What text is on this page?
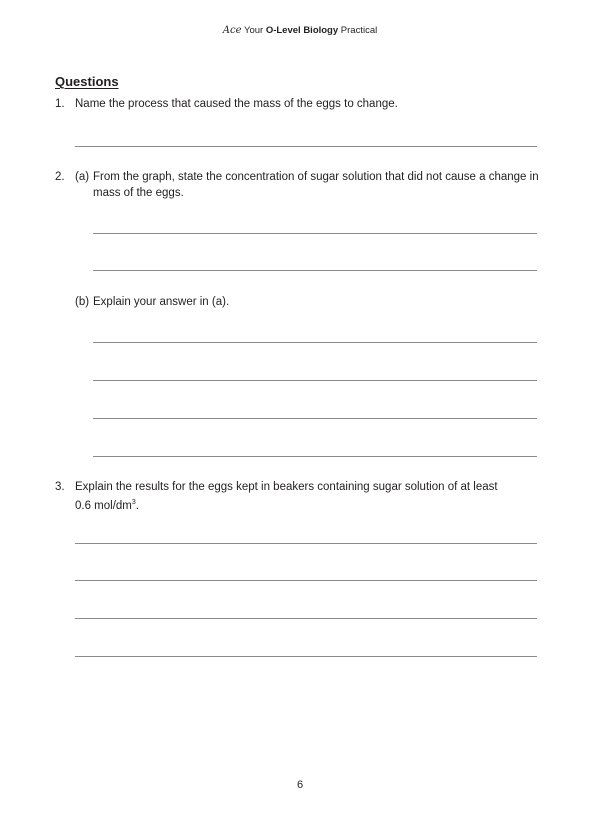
Ace Your O-Level Biology Practical
Questions
1. Name the process that caused the mass of the eggs to change.
2. (a) From the graph, state the concentration of sugar solution that did not cause a change in
mass of the eggs.
(b) Explain your answer in (a).
3. Explain the results for the eggs kept in beakers containing sugar solution of at least
0.6 mol/$dm^3$.
6
